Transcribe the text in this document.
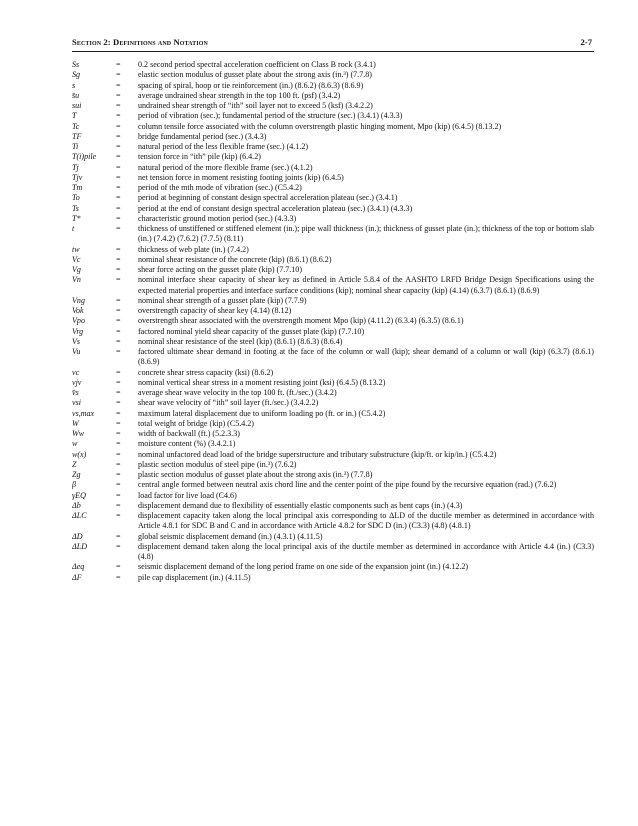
Section 2: Definitions and Notation	2-7
Ss	=	0.2 second period spectral acceleration coefficient on Class B rock (3.4.1)
Sg	=	elastic section modulus of gusset plate about the strong axis (in.³) (7.7.8)
s	=	spacing of spiral, hoop or tie reinforcement (in.) (8.6.2) (8.6.3) (8.6.9)
s̄u	=	average undrained shear strength in the top 100 ft. (psf) (3.4.2)
sui	=	undrained shear strength of “ith” soil layer not to exceed 5 (ksf) (3.4.2.2)
T	=	period of vibration (sec.); fundamental period of the structure (sec.) (3.4.1) (4.3.3)
Tc	=	column tensile force associated with the column overstrength plastic hinging moment, Mpo (kip) (6.4.5) (8.13.2)
TF	=	bridge fundamental period (sec.) (3.4.3)
Ti	=	natural period of the less flexible frame (sec.) (4.1.2)
T(i)pile	=	tension force in “ith” pile (kip) (6.4.2)
Tj	=	natural period of the more flexible frame (sec.) (4.1.2)
Tjv	=	net tension force in moment resisting footing joints (kip) (6.4.5)
Tm	=	period of the mth mode of vibration (sec.) (C5.4.2)
To	=	period at beginning of constant design spectral acceleration plateau (sec.) (3.4.1)
Ts	=	period at the end of constant design spectral acceleration plateau (sec.) (3.4.1) (4.3.3)
T*	=	characteristic ground motion period (sec.) (4.3.3)
t	=	thickness of unstiffened or stiffened element (in.); pipe wall thickness (in.); thickness of gusset plate (in.); thickness of the top or bottom slab (in.) (7.4.2) (7.6.2) (7.7.5) (8.11)
tw	=	thickness of web plate (in.) (7.4.2)
Vc	=	nominal shear resistance of the concrete (kip) (8.6.1) (8.6.2)
Vg	=	shear force acting on the gusset plate (kip) (7.7.10)
Vn	=	nominal interface shear capacity of shear key as defined in Article 5.8.4 of the AASHTO LRFD Bridge Design Specifications using the expected material properties and interface surface conditions (kip); nominal shear capacity (kip) (4.14) (6.3.7) (8.6.1) (8.6.9)
Vng	=	nominal shear strength of a gusset plate (kip) (7.7.9)
Vok	=	overstrength capacity of shear key (4.14) (8.12)
Vpo	=	overstrength shear associated with the overstrength moment Mpo (kip) (4.11.2) (6.3.4) (6.3.5) (8.6.1)
Vrg	=	factored nominal yield shear capacity of the gusset plate (kip) (7.7.10)
Vs	=	nominal shear resistance of the steel (kip) (8.6.1) (8.6.3) (8.6.4)
Vu	=	factored ultimate shear demand in footing at the face of the column or wall (kip); shear demand of a column or wall (kip) (6.3.7) (8.6.1) (8.6.9)
vc	=	concrete shear stress capacity (ksi) (8.6.2)
vjv	=	nominal vertical shear stress in a moment resisting joint (ksi) (6.4.5) (8.13.2)
v̄s	=	average shear wave velocity in the top 100 ft. (ft./sec.) (3.4.2)
vsi	=	shear wave velocity of “ith” soil layer (ft./sec.) (3.4.2.2)
vs,max	=	maximum lateral displacement due to uniform loading po (ft. or in.) (C5.4.2)
W	=	total weight of bridge (kip) (C5.4.2)
Ww	=	width of backwall (ft.) (5.2.3.3)
w	=	moisture content (%) (3.4.2.1)
w(x)	=	nominal unfactored dead load of the bridge superstructure and tributary substructure (kip/ft. or kip/in.) (C5.4.2)
Z	=	plastic section modulus of steel pipe (in.³) (7.6.2)
Zg	=	plastic section modulus of gusset plate about the strong axis (in.³) (7.7.8)
β	=	central angle formed between neutral axis chord line and the center point of the pipe found by the recursive equation (rad.) (7.6.2)
γEQ	=	load factor for live load (C4.6)
Δb	=	displacement demand due to flexibility of essentially elastic components such as bent caps (in.) (4.3)
ΔLC	=	displacement capacity taken along the local principal axis corresponding to ΔLD of the ductile member as determined in accordance with Article 4.8.1 for SDC B and C and in accordance with Article 4.8.2 for SDC D (in.) (C3.3) (4.8) (4.8.1)
ΔD	=	global seismic displacement demand (in.) (4.3.1) (4.11.5)
ΔLD	=	displacement demand taken along the local principal axis of the ductile member as determined in accordance with Article 4.4 (in.) (C3.3) (4.8)
Δeq	=	seismic displacement demand of the long period frame on one side of the expansion joint (in.) (4.12.2)
ΔF	=	pile cap displacement (in.) (4.11.5)
